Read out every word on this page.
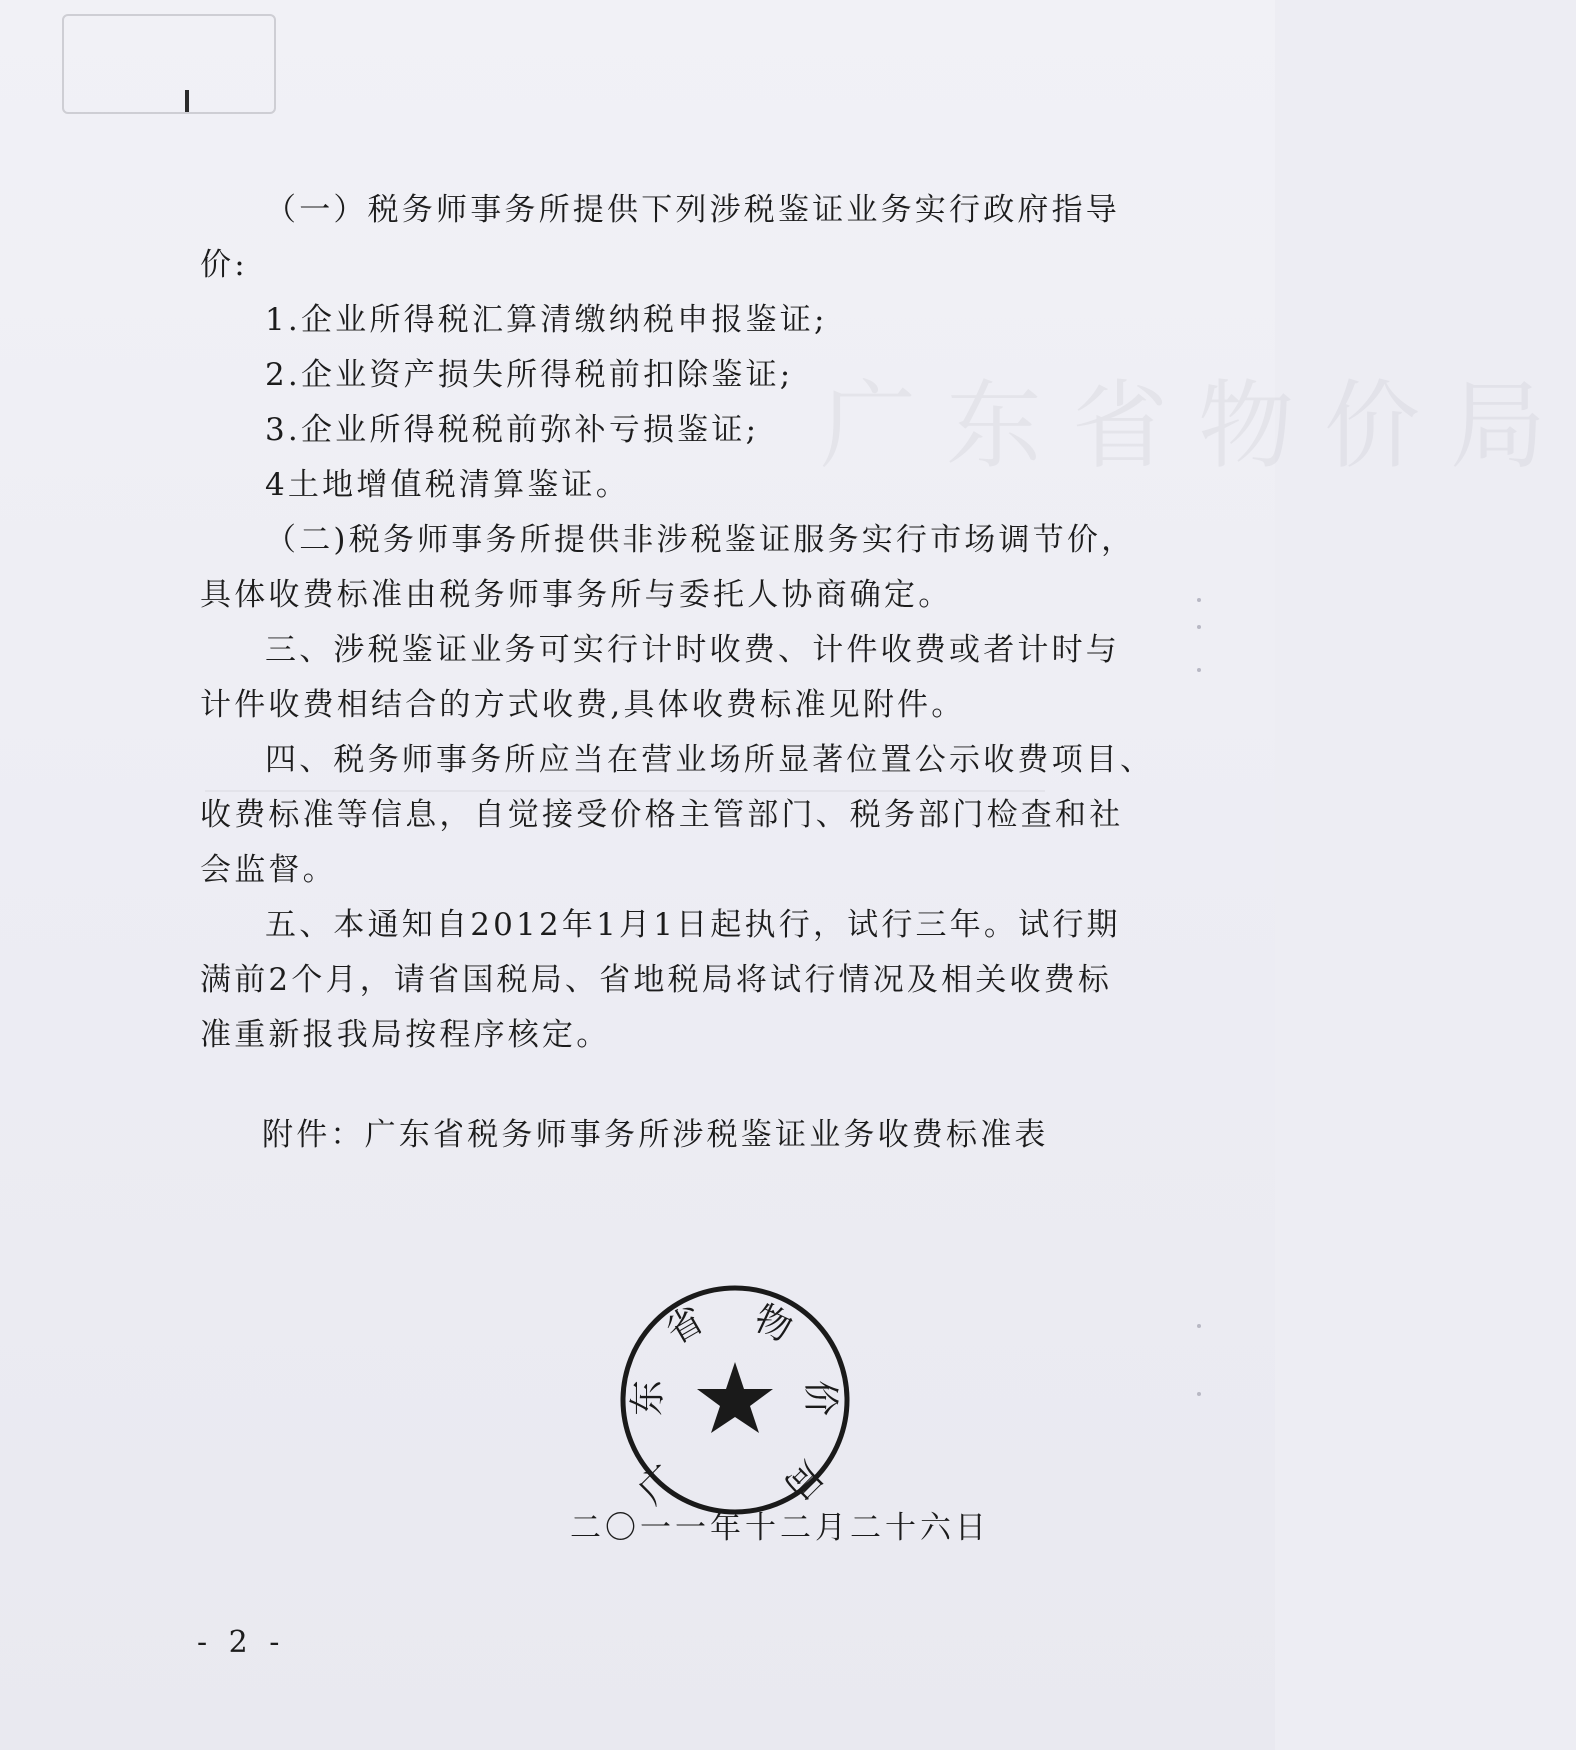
广东省物价局

（一）税务师事务所提供下列涉税鉴证业务实行政府指导

价:

1.企业所得税汇算清缴纳税申报鉴证;

2.企业资产损失所得税前扣除鉴证;

3.企业所得税税前弥补亏损鉴证;

4土地增值税清算鉴证。

（二)税务师事务所提供非涉税鉴证服务实行市场调节价，

具体收费标准由税务师事务所与委托人协商确定。

三、涉税鉴证业务可实行计时收费、计件收费或者计时与

计件收费相结合的方式收费,具体收费标准见附件。

四、税务师事务所应当在营业场所显著位置公示收费项目、

收费标准等信息，自觉接受价格主管部门、税务部门检查和社

会监督。

五、本通知自2012年1月1日起执行，试行三年。试行期

满前2个月，请省国税局、省地税局将试行情况及相关收费标

准重新报我局按程序核定。

附件：广东省税务师事务所涉税鉴证业务收费标准表

广
东
省 物
价
局
二〇一一年十二月二十六日
- 2 -
